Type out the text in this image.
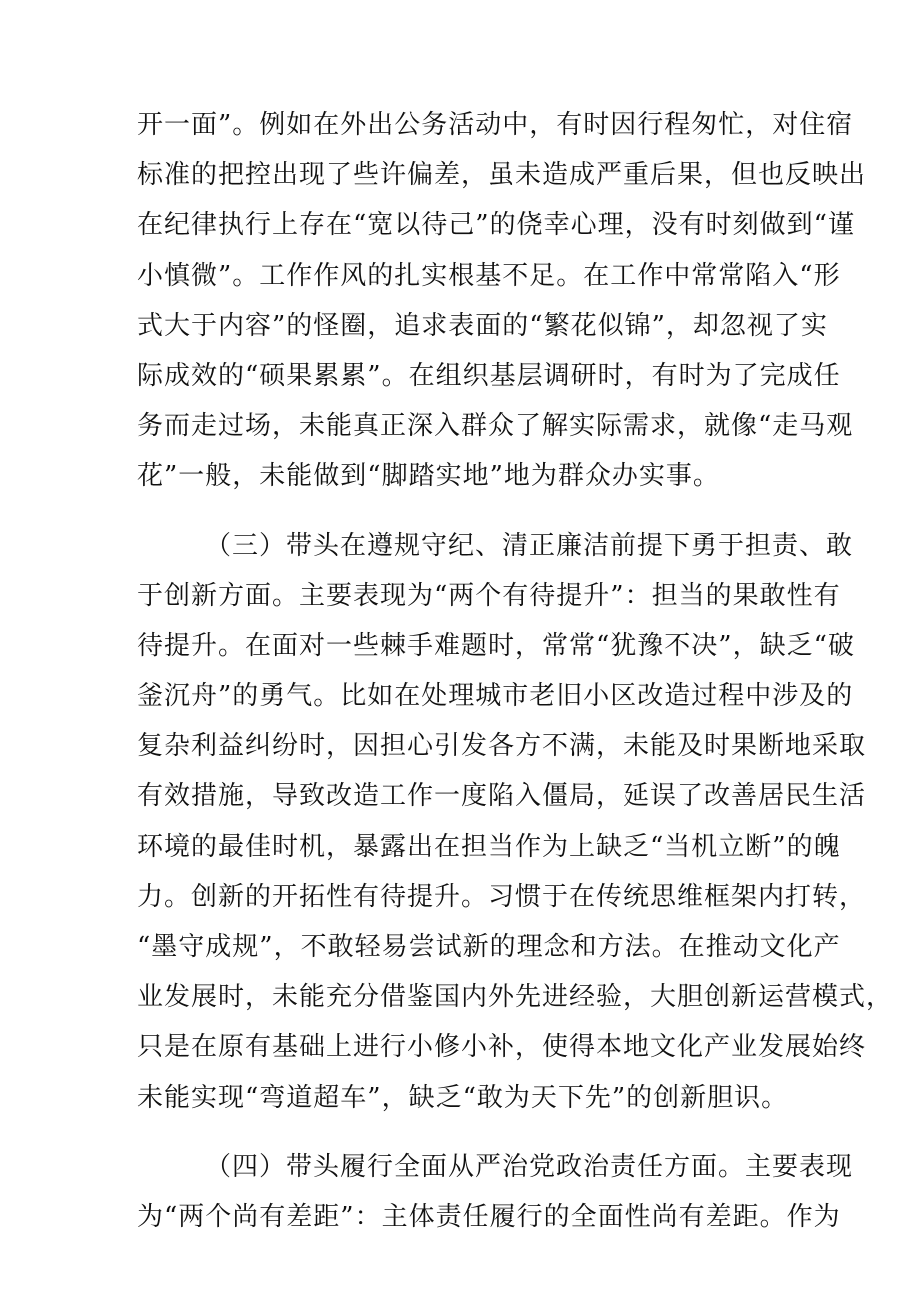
开一面”。例如在外出公务活动中，有时因行程匆忙，对住宿
标准的把控出现了些许偏差，虽未造成严重后果，但也反映出
在纪律执行上存在“宽以待己”的侥幸心理，没有时刻做到“谨
小慎微”。工作作风的扎实根基不足。在工作中常常陷入“形
式大于内容”的怪圈，追求表面的“繁花似锦”，却忽视了实
际成效的“硕果累累”。在组织基层调研时，有时为了完成任
务而走过场，未能真正深入群众了解实际需求，就像“走马观
花”一般，未能做到“脚踏实地”地为群众办实事。
（三）带头在遵规守纪、清正廉洁前提下勇于担责、敢
于创新方面。主要表现为“两个有待提升”：担当的果敢性有
待提升。在面对一些棘手难题时，常常“犹豫不决”，缺乏“破
釜沉舟”的勇气。比如在处理城市老旧小区改造过程中涉及的
复杂利益纠纷时，因担心引发各方不满，未能及时果断地采取
有效措施，导致改造工作一度陷入僵局，延误了改善居民生活
环境的最佳时机，暴露出在担当作为上缺乏“当机立断”的魄
力。创新的开拓性有待提升。习惯于在传统思维框架内打转，
“墨守成规”，不敢轻易尝试新的理念和方法。在推动文化产
业发展时，未能充分借鉴国内外先进经验，大胆创新运营模式，
只是在原有基础上进行小修小补，使得本地文化产业发展始终
未能实现“弯道超车”，缺乏“敢为天下先”的创新胆识。
（四）带头履行全面从严治党政治责任方面。主要表现
为“两个尚有差距”：主体责任履行的全面性尚有差距。作为
